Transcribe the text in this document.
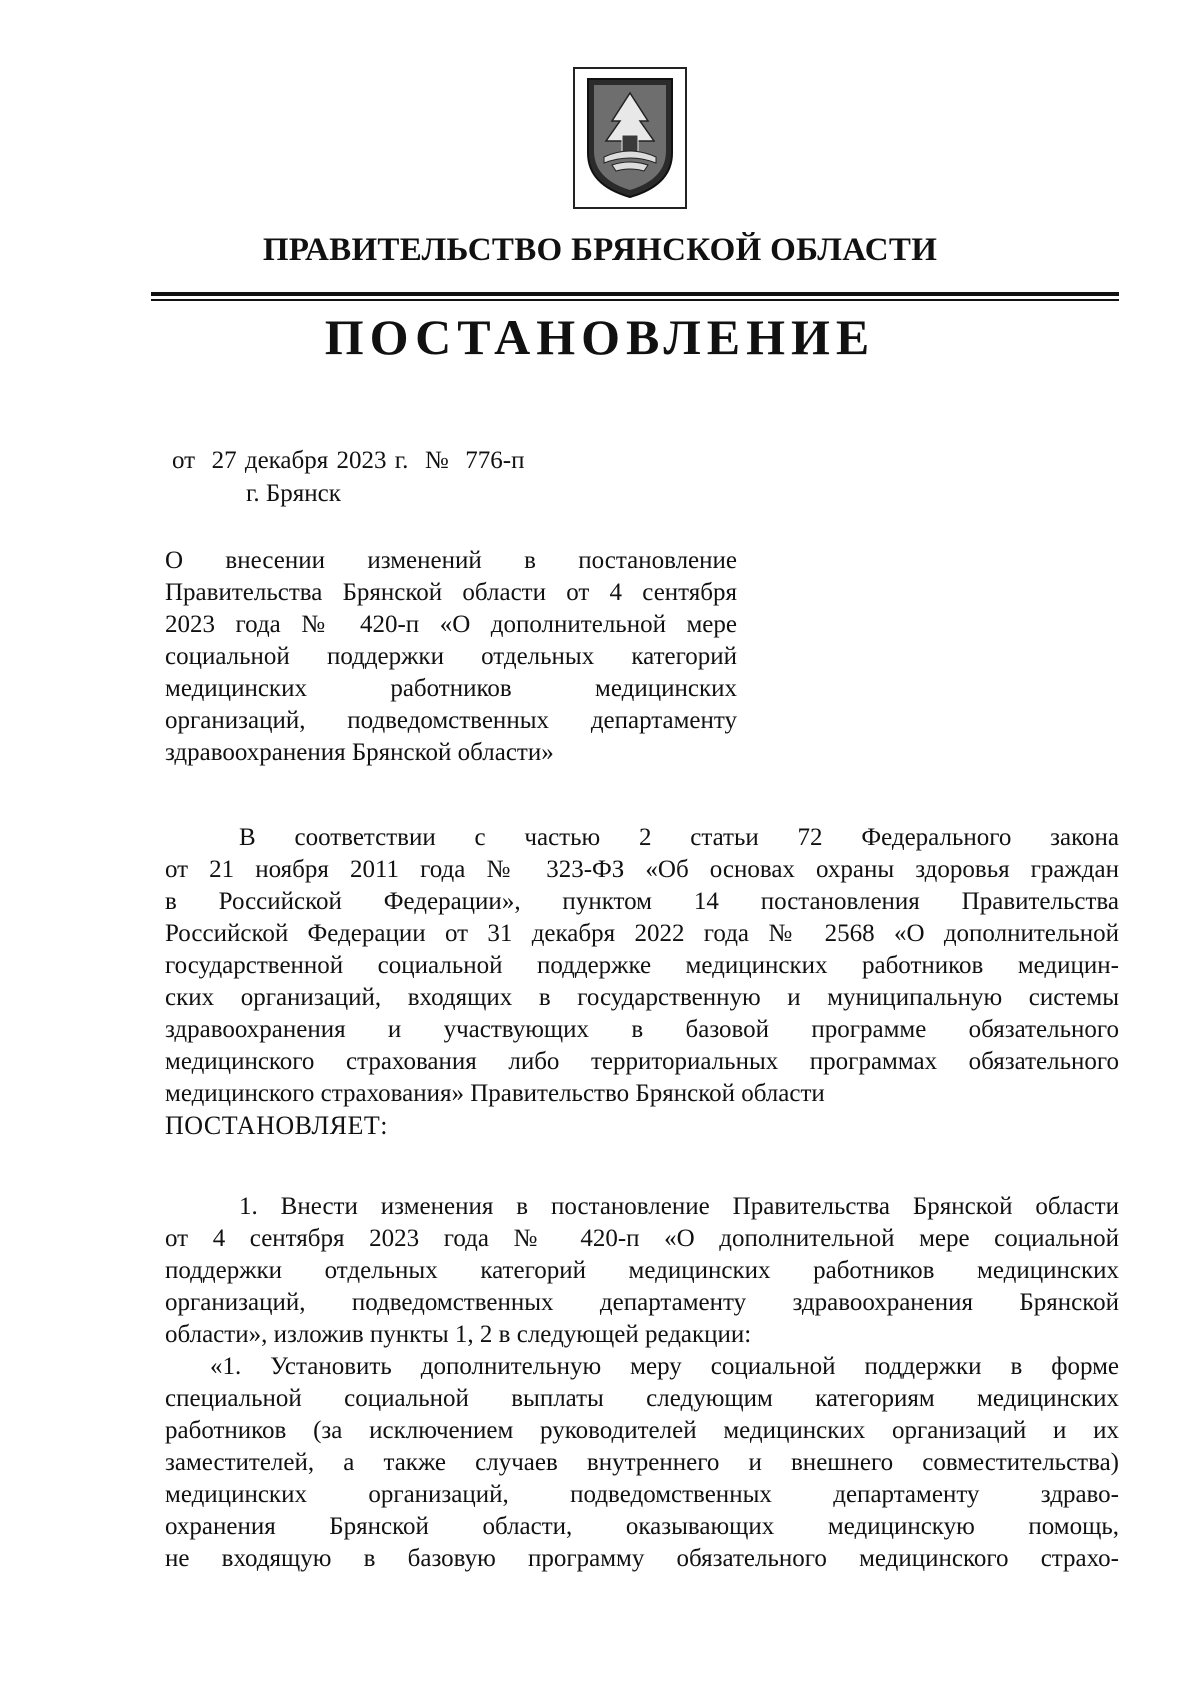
ПРАВИТЕЛЬСТВО БРЯНСКОЙ ОБЛАСТИ
ПОСТАНОВЛЕНИЕ
от  27 декабря 2023 г.  №  776-п
г. Брянск
О внесении изменений в постановление
Правительства Брянской области от 4 сентября
2023 года № 420-п «О дополнительной мере
социальной поддержки отдельных категорий
медицинских работников медицинских
организаций, подведомственных департаменту
здравоохранения Брянской области»
В соответствии с частью 2 статьи 72 Федерального закона
от 21 ноября 2011 года № 323-ФЗ «Об основах охраны здоровья граждан
в Российской Федерации», пунктом 14 постановления Правительства
Российской Федерации от 31 декабря 2022 года № 2568 «О дополнительной
государственной социальной поддержке медицинских работников медицин-
ских организаций, входящих в государственную и муниципальную системы
здравоохранения и участвующих в базовой программе обязательного
медицинского страхования либо территориальных программах обязательного
медицинского страхования» Правительство Брянской области
ПОСТАНОВЛЯЕТ:
1. Внести изменения в постановление Правительства Брянской области
от 4 сентября 2023 года № 420-п «О дополнительной мере социальной
поддержки отдельных категорий медицинских работников медицинских
организаций, подведомственных департаменту здравоохранения Брянской
области», изложив пункты 1, 2 в следующей редакции:
«1. Установить дополнительную меру социальной поддержки в форме
специальной социальной выплаты следующим категориям медицинских
работников (за исключением руководителей медицинских организаций и их
заместителей, а также случаев внутреннего и внешнего совместительства)
медицинских организаций, подведомственных департаменту здраво-
охранения Брянской области, оказывающих медицинскую помощь,
не входящую в базовую программу обязательного медицинского страхо-
